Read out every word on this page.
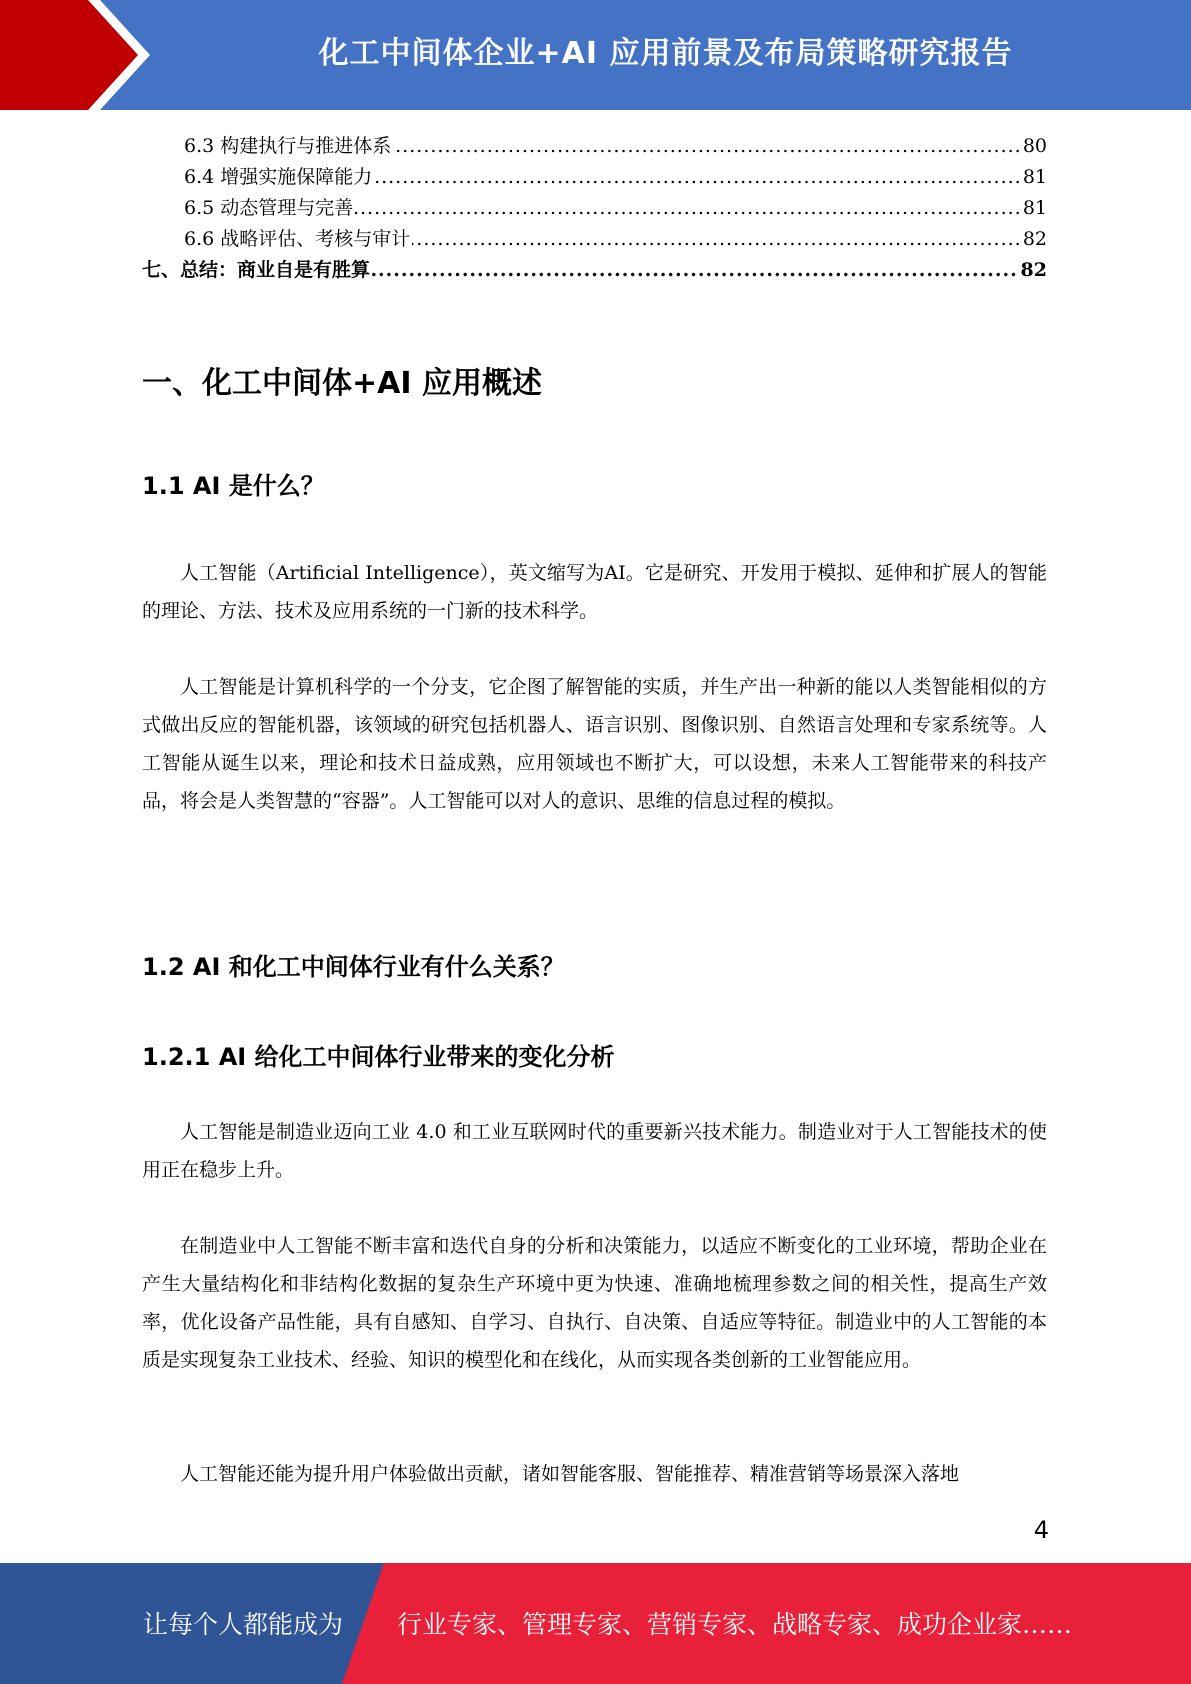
化工中间体企业+AI 应用前景及布局策略研究报告
.....
6.3 构建执行与推进体系	80
.....
6.4 增强实施保障能力	81
.....
6.5 动态管理与完善	81
.....
6.6 战略评估、考核与审计	82
.....
七、总结：商业自是有胜算	82
一、化工中间体+AI 应用概述
1.1 AI 是什么？

人工智能（Artificial Intelligence），英文缩写为AI。它是研究、开发用于模拟、延伸和扩展人的智能的理论、方法、技术及应用系统的一门新的技术科学。

人工智能是计算机科学的一个分支，它企图了解智能的实质，并生产出一种新的能以人类智能相似的方式做出反应的智能机器，该领域的研究包括机器人、语言识别、图像识别、自然语言处理和专家系统等。人工智能从诞生以来，理论和技术日益成熟，应用领域也不断扩大，可以设想，未来人工智能带来的科技产品，将会是人类智慧的“容器”。人工智能可以对人的意识、思维的信息过程的模拟。

1.2 AI 和化工中间体行业有什么关系？
1.2.1 AI 给化工中间体行业带来的变化分析

人工智能是制造业迈向工业 4.0 和工业互联网时代的重要新兴技术能力。制造业对于人工智能技术的使用正在稳步上升。

在制造业中人工智能不断丰富和迭代自身的分析和决策能力，以适应不断变化的工业环境，帮助企业在产生大量结构化和非结构化数据的复杂生产环境中更为快速、准确地梳理参数之间的相关性，提高生产效率，优化设备产品性能，具有自感知、自学习、自执行、自决策、自适应等特征。制造业中的人工智能的本质是实现复杂工业技术、经验、知识的模型化和在线化，从而实现各类创新的工业智能应用。

人工智能还能为提升用户体验做出贡献，诸如智能客服、智能推荐、精准营销等场景深入落地

4
让每个人都能成为 行业专家、管理专家、营销专家、战略专家、成功企业家……
